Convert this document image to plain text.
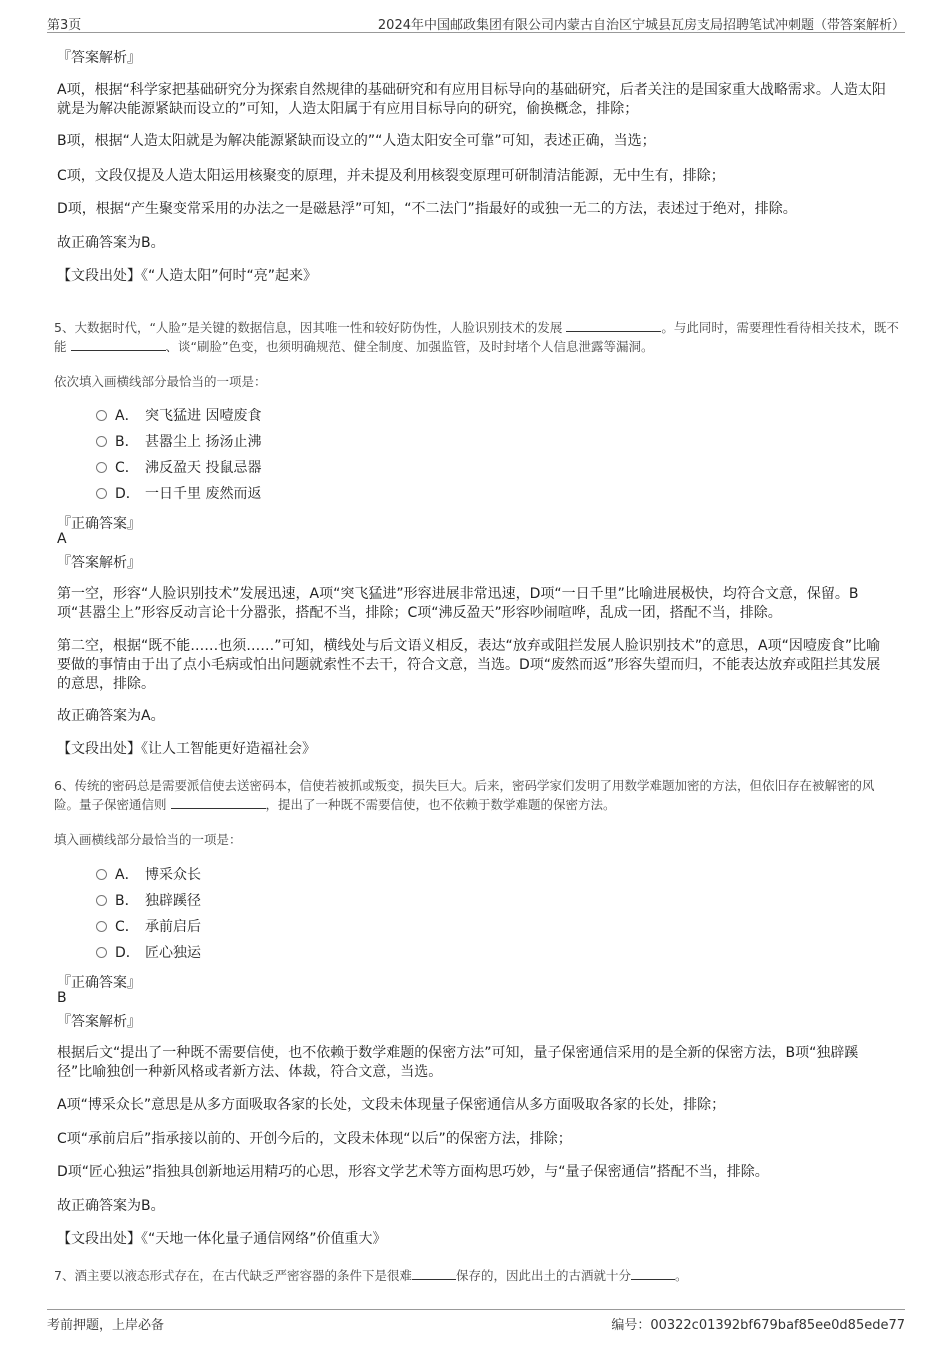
第3页	2024年中国邮政集团有限公司内蒙古自治区宁城县瓦房支局招聘笔试冲刺题（带答案解析）
『答案解析』
A项，根据“科学家把基础研究分为探索自然规律的基础研究和有应用目标导向的基础研究，后者关注的是国家重大战略需求。人造太阳就是为解决能源紧缺而设立的”可知，人造太阳属于有应用目标导向的研究，偷换概念，排除；
B项，根据“人造太阳就是为解决能源紧缺而设立的”“人造太阳安全可靠”可知，表述正确，当选；
C项，文段仅提及人造太阳运用核聚变的原理，并未提及利用核裂变原理可研制清洁能源，无中生有，排除；
D项，根据“产生聚变常采用的办法之一是磁悬浮”可知，“不二法门”指最好的或独一无二的方法，表述过于绝对，排除。
故正确答案为B。
【文段出处】《“人造太阳”何时“亮”起来》
5、大数据时代，“人脸”是关键的数据信息，因其唯一性和较好防伪性，人脸识别技术的发展	。与此同时，需要理性看待相关技术，既不能	、谈“刷脸”色变，也须明确规范、健全制度、加强监管，及时封堵个人信息泄露等漏洞。
依次填入画横线部分最恰当的一项是：
A． 突飞猛进 因噎废食
B． 甚嚣尘上 扬汤止沸
C． 沸反盈天 投鼠忌器
D． 一日千里 废然而返
『正确答案』
A
『答案解析』
第一空，形容“人脸识别技术”发展迅速，A项“突飞猛进”形容进展非常迅速，D项“一日千里”比喻进展极快，均符合文意，保留。B项“甚嚣尘上”形容反动言论十分嚣张，搭配不当，排除；C项“沸反盈天”形容吵闹喧哗，乱成一团，搭配不当，排除。
第二空，根据“既不能……也须……”可知，横线处与后文语义相反，表达“放弃或阻拦发展人脸识别技术”的意思，A项“因噎废食”比喻要做的事情由于出了点小毛病或怕出问题就索性不去干，符合文意，当选。D项“废然而返”形容失望而归，不能表达放弃或阻拦其发展的意思，排除。
故正确答案为A。
【文段出处】《让人工智能更好造福社会》
6、传统的密码总是需要派信使去送密码本，信使若被抓或叛变，损失巨大。后来，密码学家们发明了用数学难题加密的方法，但依旧存在被解密的风险。量子保密通信则	，提出了一种既不需要信使，也不依赖于数学难题的保密方法。
填入画横线部分最恰当的一项是：
A． 博采众长
B． 独辟蹊径
C． 承前启后
D． 匠心独运
『正确答案』
B
『答案解析』
根据后文“提出了一种既不需要信使，也不依赖于数学难题的保密方法”可知，量子保密通信采用的是全新的保密方法，B项“独辟蹊径”比喻独创一种新风格或者新方法、体裁，符合文意，当选。
A项“博采众长”意思是从多方面吸取各家的长处，文段未体现量子保密通信从多方面吸取各家的长处，排除；
C项“承前启后”指承接以前的、开创今后的，文段未体现“以后”的保密方法，排除；
D项“匠心独运”指独具创新地运用精巧的心思，形容文学艺术等方面构思巧妙，与“量子保密通信”搭配不当，排除。
故正确答案为B。
【文段出处】《“天地一体化量子通信网络”价值重大》
7、酒主要以液态形式存在，在古代缺乏严密容器的条件下是很难	保存的，因此出土的古酒就十分	。
考前押题，上岸必备	编号：00322c01392bf679baf85ee0d85ede77
